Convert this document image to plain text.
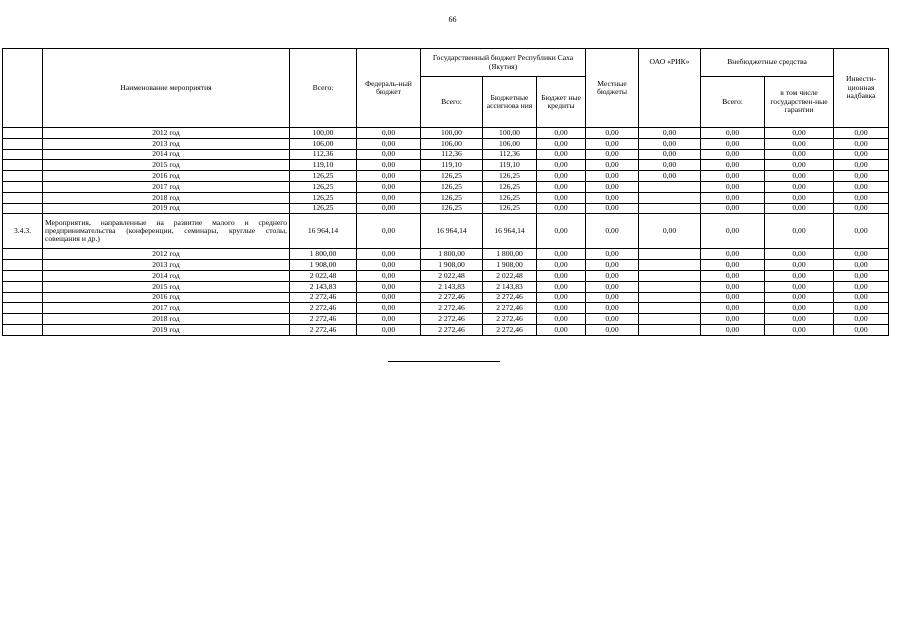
66
	Наименование мероприятия	Всего:	Федераль-ный бюджет	Государственный бюджет Республики Саха (Якутия)			Местные бюджеты	ОАО «РИК»	Внебюджетные средства		Инвести-ционная надбавка
				Всего:	Бюджетные ассигнова ния	Бюджет ные кредиты			Всего:	в том числе государствен-ные гарантии	
	2012 год	100,00	0,00	100,00	100,00	0,00	0,00	0,00	0,00	0,00	0,00
	2013 год	106,00	0,00	106,00	106,00	0,00	0,00	0,00	0,00	0,00	0,00
	2014 год	112,36	0,00	112,36	112,36	0,00	0,00	0,00	0,00	0,00	0,00
	2015 год	119,10	0,00	119,10	119,10	0,00	0,00	0,00	0,00	0,00	0,00
	2016 год	126,25	0,00	126,25	126,25	0,00	0,00	0,00	0,00	0,00	0,00
	2017 год	126,25	0,00	126,25	126,25	0,00	0,00		0,00	0,00	0,00
	2018 год	126,25	0,00	126,25	126,25	0,00	0,00		0,00	0,00	0,00
	2019 год	126,25	0,00	126,25	126,25	0,00	0,00		0,00	0,00	0,00
3.4.3.	Мероприятия, направленные на развитие малого и среднего предпринимательства (конференции, семинары, круглые столы, совещания и др.)	16 964,14	0,00	16 964,14	16 964,14	0,00	0,00	0,00	0,00	0,00	0,00
	2012 год	1 800,00	0,00	1 800,00	1 800,00	0,00	0,00		0,00	0,00	0,00
	2013 год	1 908,00	0,00	1 908,00	1 908,00	0,00	0,00		0,00	0,00	0,00
	2014 год	2 022,48	0,00	2 022,48	2 022,48	0,00	0,00		0,00	0,00	0,00
	2015 год	2 143,83	0,00	2 143,83	2 143,83	0,00	0,00		0,00	0,00	0,00
	2016 год	2 272,46	0,00	2 272,46	2 272,46	0,00	0,00		0,00	0,00	0,00
	2017 год	2 272,46	0,00	2 272,46	2 272,46	0,00	0,00		0,00	0,00	0,00
	2018 год	2 272,46	0,00	2 272,46	2 272,46	0,00	0,00		0,00	0,00	0,00
	2019 год	2 272,46	0,00	2 272,46	2 272,46	0,00	0,00		0,00	0,00	0,00
